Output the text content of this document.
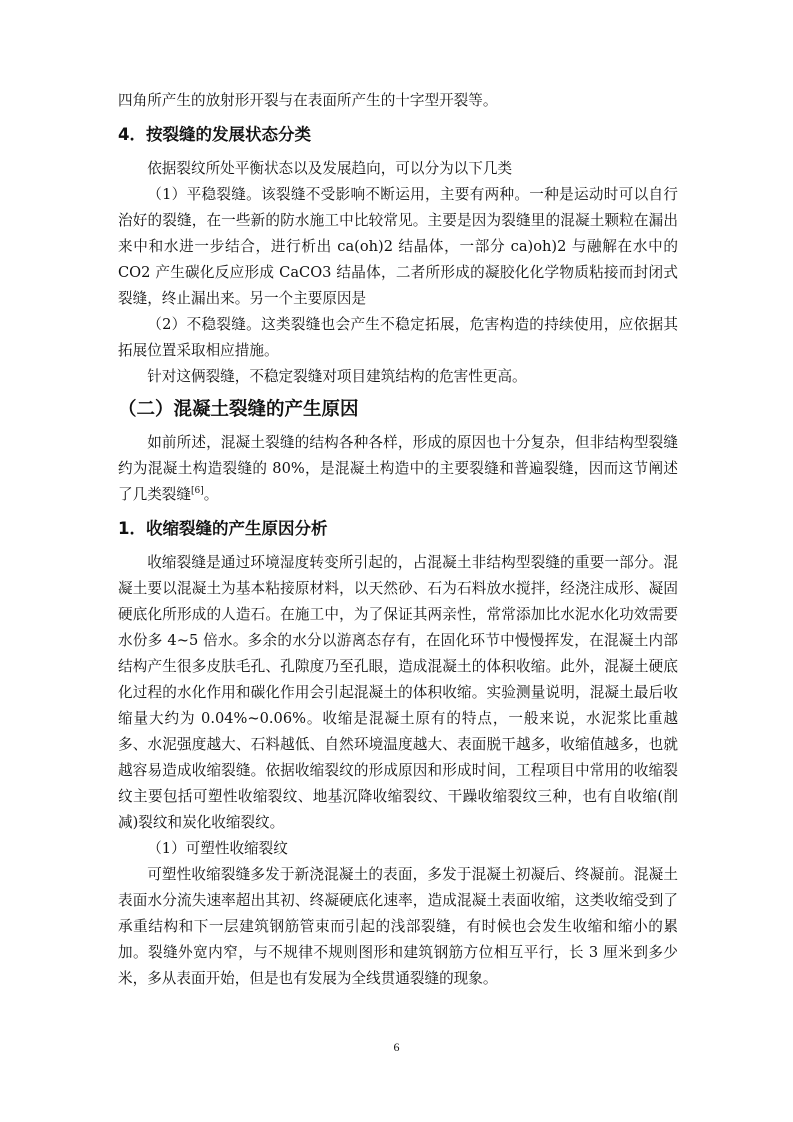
四角所产生的放射形开裂与在表面所产生的十字型开裂等。

4．按裂缝的发展状态分类

依据裂纹所处平衡状态以及发展趋向，可以分为以下几类

（1）平稳裂缝。该裂缝不受影响不断运用，主要有两种。一种是运动时可以自行治好的裂缝，在一些新的防水施工中比较常见。主要是因为裂缝里的混凝土颗粒在漏出来中和水进一步结合，进行析出 ca(oh)2 结晶体，一部分 ca)oh)2 与融解在水中的 CO2 产生碳化反应形成 CaCO3 结晶体，二者所形成的凝胶化化学物质粘接而封闭式裂缝，终止漏出来。另一个主要原因是

（2）不稳裂缝。这类裂缝也会产生不稳定拓展，危害构造的持续使用，应依据其拓展位置采取相应措施。

针对这俩裂缝，不稳定裂缝对项目建筑结构的危害性更高。

（二）混凝土裂缝的产生原因

如前所述，混凝土裂缝的结构各种各样，形成的原因也十分复杂，但非结构型裂缝约为混凝土构造裂缝的 80%，是混凝土构造中的主要裂缝和普遍裂缝，因而这节阐述了几类裂缝[6]。

1．收缩裂缝的产生原因分析

收缩裂缝是通过环境湿度转变所引起的，占混凝土非结构型裂缝的重要一部分。混凝土要以混凝土为基本粘接原材料，以天然砂、石为石料放水搅拌，经浇注成形、凝固硬底化所形成的人造石。在施工中，为了保证其两亲性，常常添加比水泥水化功效需要水份多 4~5 倍水。多余的水分以游离态存有，在固化环节中慢慢挥发，在混凝土内部结构产生很多皮肤毛孔、孔隙度乃至孔眼，造成混凝土的体积收缩。此外，混凝土硬底化过程的水化作用和碳化作用会引起混凝土的体积收缩。实验测量说明，混凝土最后收缩量大约为 0.04%~0.06%。收缩是混凝土原有的特点，一般来说，水泥浆比重越多、水泥强度越大、石料越低、自然环境温度越大、表面脱干越多，收缩值越多，也就越容易造成收缩裂缝。依据收缩裂纹的形成原因和形成时间，工程项目中常用的收缩裂纹主要包括可塑性收缩裂纹、地基沉降收缩裂纹、干躁收缩裂纹三种，也有自收缩(削减)裂纹和炭化收缩裂纹。

（1）可塑性收缩裂纹

可塑性收缩裂缝多发于新浇混凝土的表面，多发于混凝土初凝后、终凝前。混凝土表面水分流失速率超出其初、终凝硬底化速率，造成混凝土表面收缩，这类收缩受到了承重结构和下一层建筑钢筋管束而引起的浅部裂缝，有时候也会发生收缩和缩小的累加。裂缝外宽内窄，与不规律不规则图形和建筑钢筋方位相互平行，长 3 厘米到多少米，多从表面开始，但是也有发展为全线贯通裂缝的现象。

6
